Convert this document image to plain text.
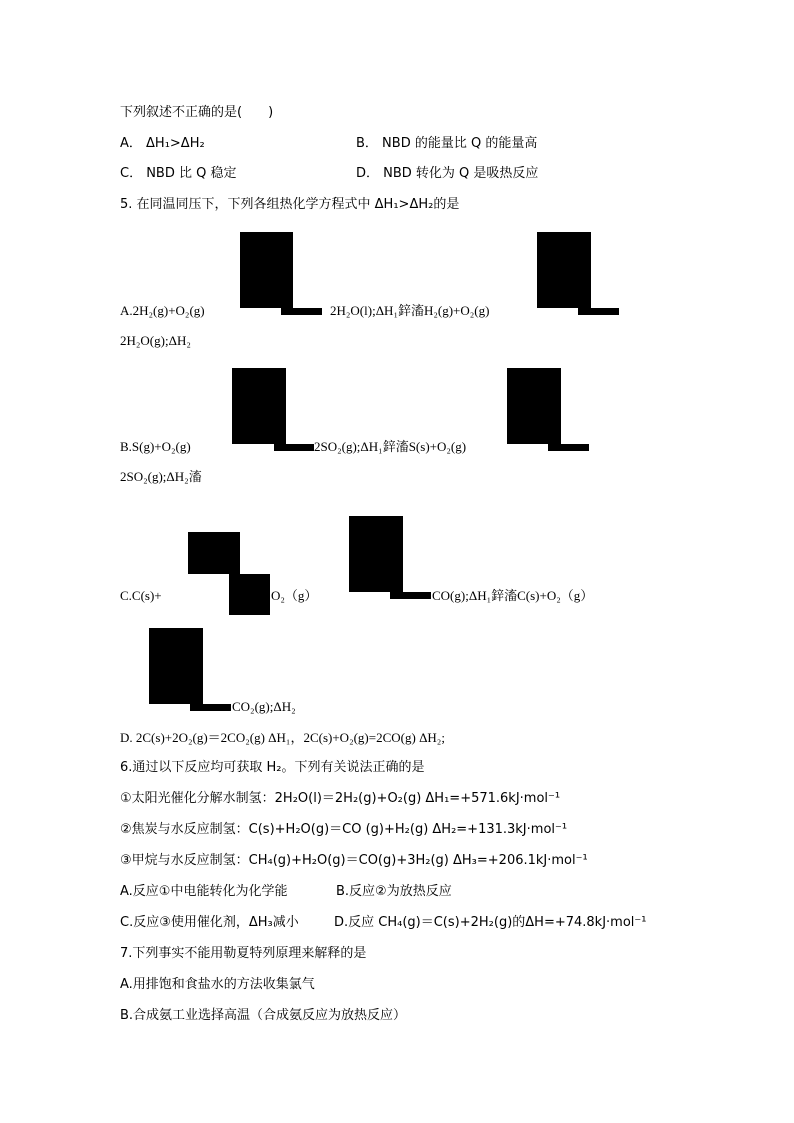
下列叙述不正确的是(　　)
A． ΔH₁>ΔH₂	B． NBD 的能量比 Q 的能量高
C． NBD 比 Q 稳定	D． NBD 转化为 Q 是吸热反应
5. 在同温同压下，下列各组热化学方程式中 ΔH₁>ΔH₂的是
A.2H₂(g)+O₂(g)	2H₂O(l);ΔH₁鋅滀H₂(g)+O₂(g)
2H₂O(g);ΔH₂
B.S(g)+O₂(g)	2SO₂(g);ΔH₁鋅滀S(s)+O₂(g)
2SO₂(g);ΔH₂滀
C.C(s)+	O₂（g）	CO(g);ΔH₁鋅滀C(s)+O₂（g）
CO₂(g);ΔH₂
D. 2C(s)+2O₂(g)＝2CO₂(g) ΔH₁，2C(s)+O₂(g)=2CO(g) ΔH₂;
6.通过以下反应均可获取 H₂。下列有关说法正确的是
①太阳光催化分解水制氢：2H₂O(l)＝2H₂(g)+O₂(g) ΔH₁=+571.6kJ·mol⁻¹
②焦炭与水反应制氢：C(s)+H₂O(g)＝CO (g)+H₂(g) ΔH₂=+131.3kJ·mol⁻¹
③甲烷与水反应制氢：CH₄(g)+H₂O(g)＝CO(g)+3H₂(g) ΔH₃=+206.1kJ·mol⁻¹
A.反应①中电能转化为化学能	B.反应②为放热反应
C.反应③使用催化剂，ΔH₃减小	D.反应 CH₄(g)＝C(s)+2H₂(g)的ΔH=+74.8kJ·mol⁻¹
7.下列事实不能用勒夏特列原理来解释的是
A.用排饱和食盐水的方法收集氯气
B.合成氨工业选择高温（合成氨反应为放热反应）
